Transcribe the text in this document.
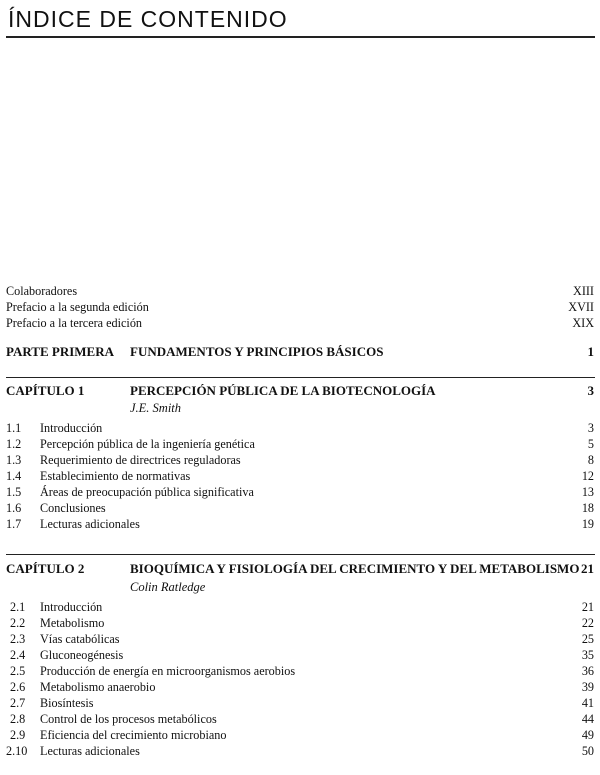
ÍNDICE DE CONTENIDO
Colaboradores	XIII
Prefacio a la segunda edición	XVII
Prefacio a la tercera edición	XIX
PARTE PRIMERA FUNDAMENTOS Y PRINCIPIOS BÁSICOS	1
CAPÍTULO 1	PERCEPCIÓN PÚBLICA DE LA BIOTECNOLOGÍA	3
J.E. Smith
1.1 Introducción	3
1.2 Percepción pública de la ingeniería genética	5
1.3 Requerimiento de directrices reguladoras	8
1.4 Establecimiento de normativas	12
1.5 Áreas de preocupación pública significativa	13
1.6 Conclusiones	18
1.7 Lecturas adicionales	19
CAPÍTULO 2	BIOQUÍMICA Y FISIOLOGÍA DEL CRECIMIENTO Y DEL METABOLISMO 21
Colin Ratledge
2.1 Introducción	21
2.2 Metabolismo	22
2.3 Vías catabólicas	25
2.4 Gluconeogénesis	35
2.5 Producción de energía en microorganismos aerobios	36
2.6 Metabolismo anaerobio	39
2.7 Biosíntesis	41
2.8 Control de los procesos metabólicos	44
2.9 Eficiencia del crecimiento microbiano	49
2.10 Lecturas adicionales	50
